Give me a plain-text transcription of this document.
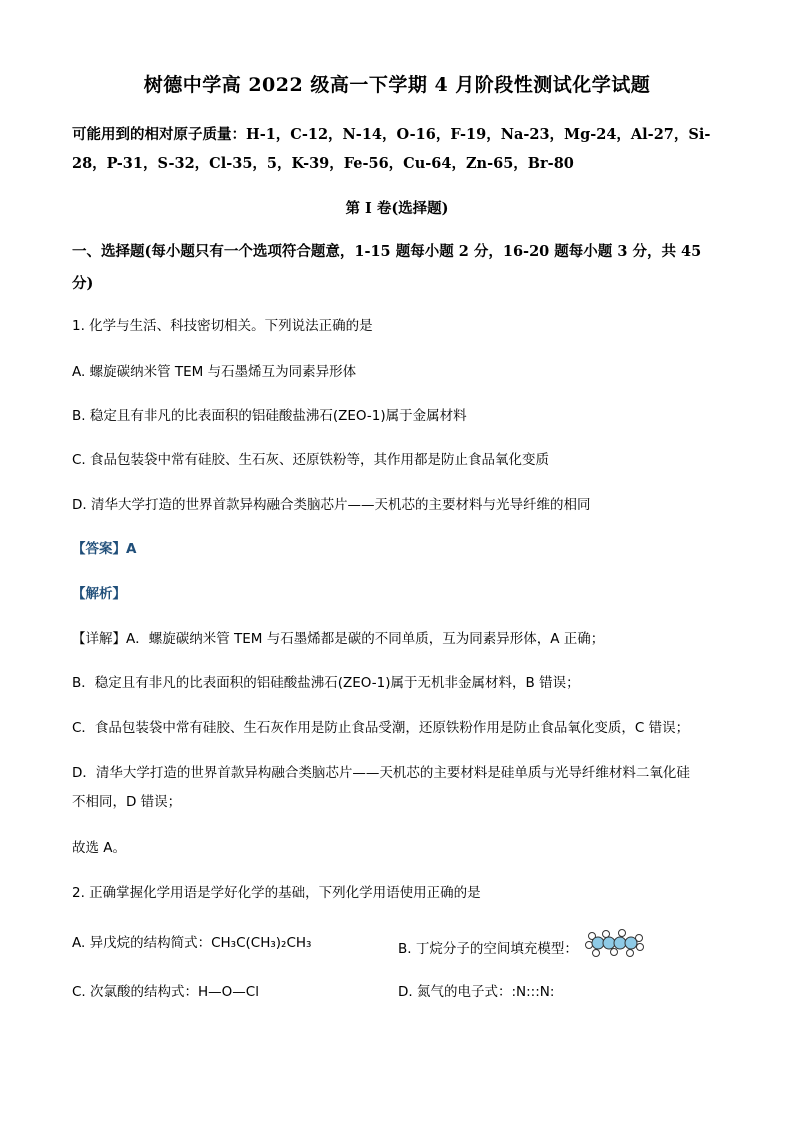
树德中学高 2022 级高一下学期 4 月阶段性测试化学试题
可能用到的相对原子质量：H-1，C-12，N-14，O-16，F-19，Na-23，Mg-24，Al-27，Si-
28，P-31，S-32，Cl-35，5，K-39，Fe-56，Cu-64，Zn-65，Br-80
第 I 卷(选择题)
一、选择题(每小题只有一个选项符合题意，1-15 题每小题 2 分，16-20 题每小题 3 分，共 45
分)
1. 化学与生活、科技密切相关。下列说法正确的是
A. 螺旋碳纳米管 TEM 与石墨烯互为同素异形体
B. 稳定且有非凡的比表面积的铝硅酸盐沸石(ZEO-1)属于金属材料
C. 食品包装袋中常有硅胶、生石灰、还原铁粉等，其作用都是防止食品氧化变质
D. 清华大学打造的世界首款异构融合类脑芯片——天机芯的主要材料与光导纤维的相同
【答案】A
【解析】
【详解】A．螺旋碳纳米管 TEM 与石墨烯都是碳的不同单质，互为同素异形体，A 正确；
B．稳定且有非凡的比表面积的铝硅酸盐沸石(ZEO-1)属于无机非金属材料，B 错误；
C．食品包装袋中常有硅胶、生石灰作用是防止食品受潮，还原铁粉作用是防止食品氧化变质，C 错误；
D．清华大学打造的世界首款异构融合类脑芯片——天机芯的主要材料是硅单质与光导纤维材料二氧化硅
不相同，D 错误；
故选 A。
2. 正确掌握化学用语是学好化学的基础，下列化学用语使用正确的是
A. 异戊烷的结构简式：CH₃C(CH₃)₂CH₃	B. 丁烷分子的空间填充模型：
C. 次氯酸的结构式：H—O—Cl	D. 氮气的电子式：:N:::N:
